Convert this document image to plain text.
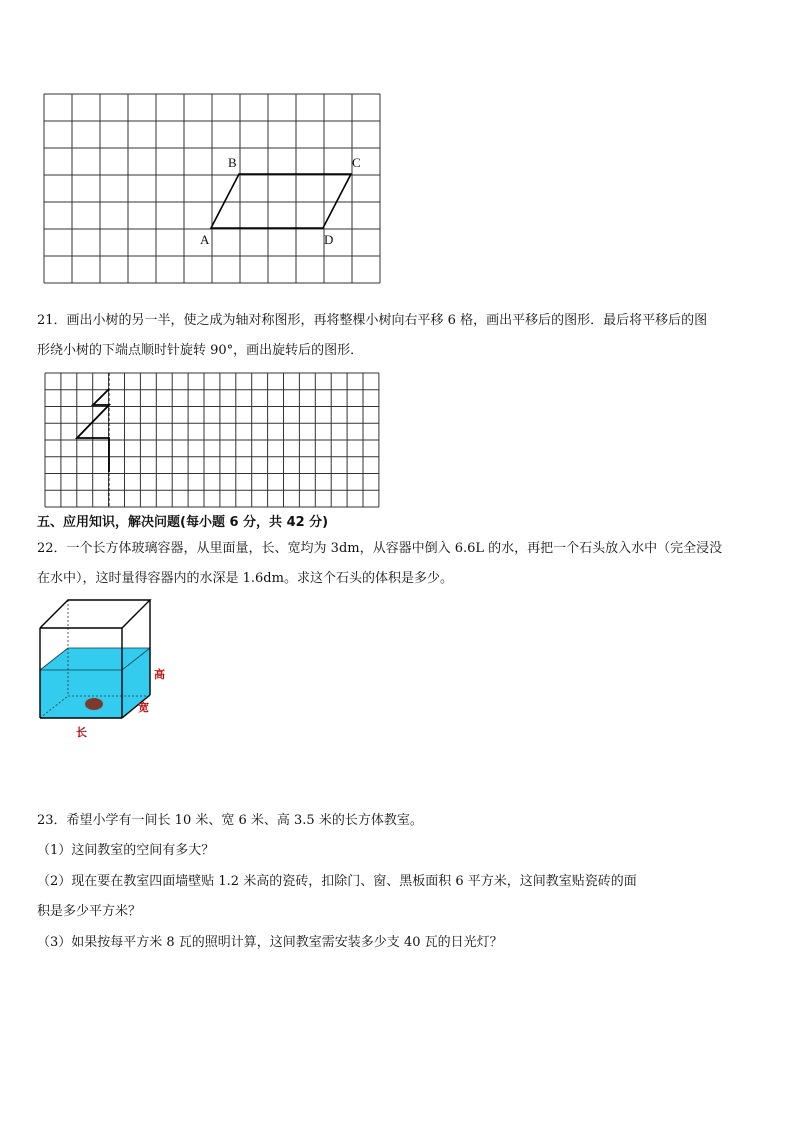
A
B	C
D
21．画出小树的另一半，使之成为轴对称图形，再将整棵小树向右平移 6 格，画出平移后的图形．最后将平移后的图
形绕小树的下端点顺时针旋转 90°，画出旋转后的图形．
五、应用知识，解决问题(每小题 6 分，共 42 分)
22．一个长方体玻璃容器，从里面量，长、宽均为 3dm，从容器中倒入 6.6L 的水，再把一个石头放入水中（完全浸没
在水中），这时量得容器内的水深是 1.6dm。求这个石头的体积是多少。
高
宽
长
23．希望小学有一间长 10 米、宽 6 米、高 3.5 米的长方体教室。
（1）这间教室的空间有多大？
（2）现在要在教室四面墙壁贴 1.2 米高的瓷砖，扣除门、窗、黑板面积 6 平方米，这间教室贴瓷砖的面
积是多少平方米？
（3）如果按每平方米 8 瓦的照明计算，这间教室需安装多少支 40 瓦的日光灯？
